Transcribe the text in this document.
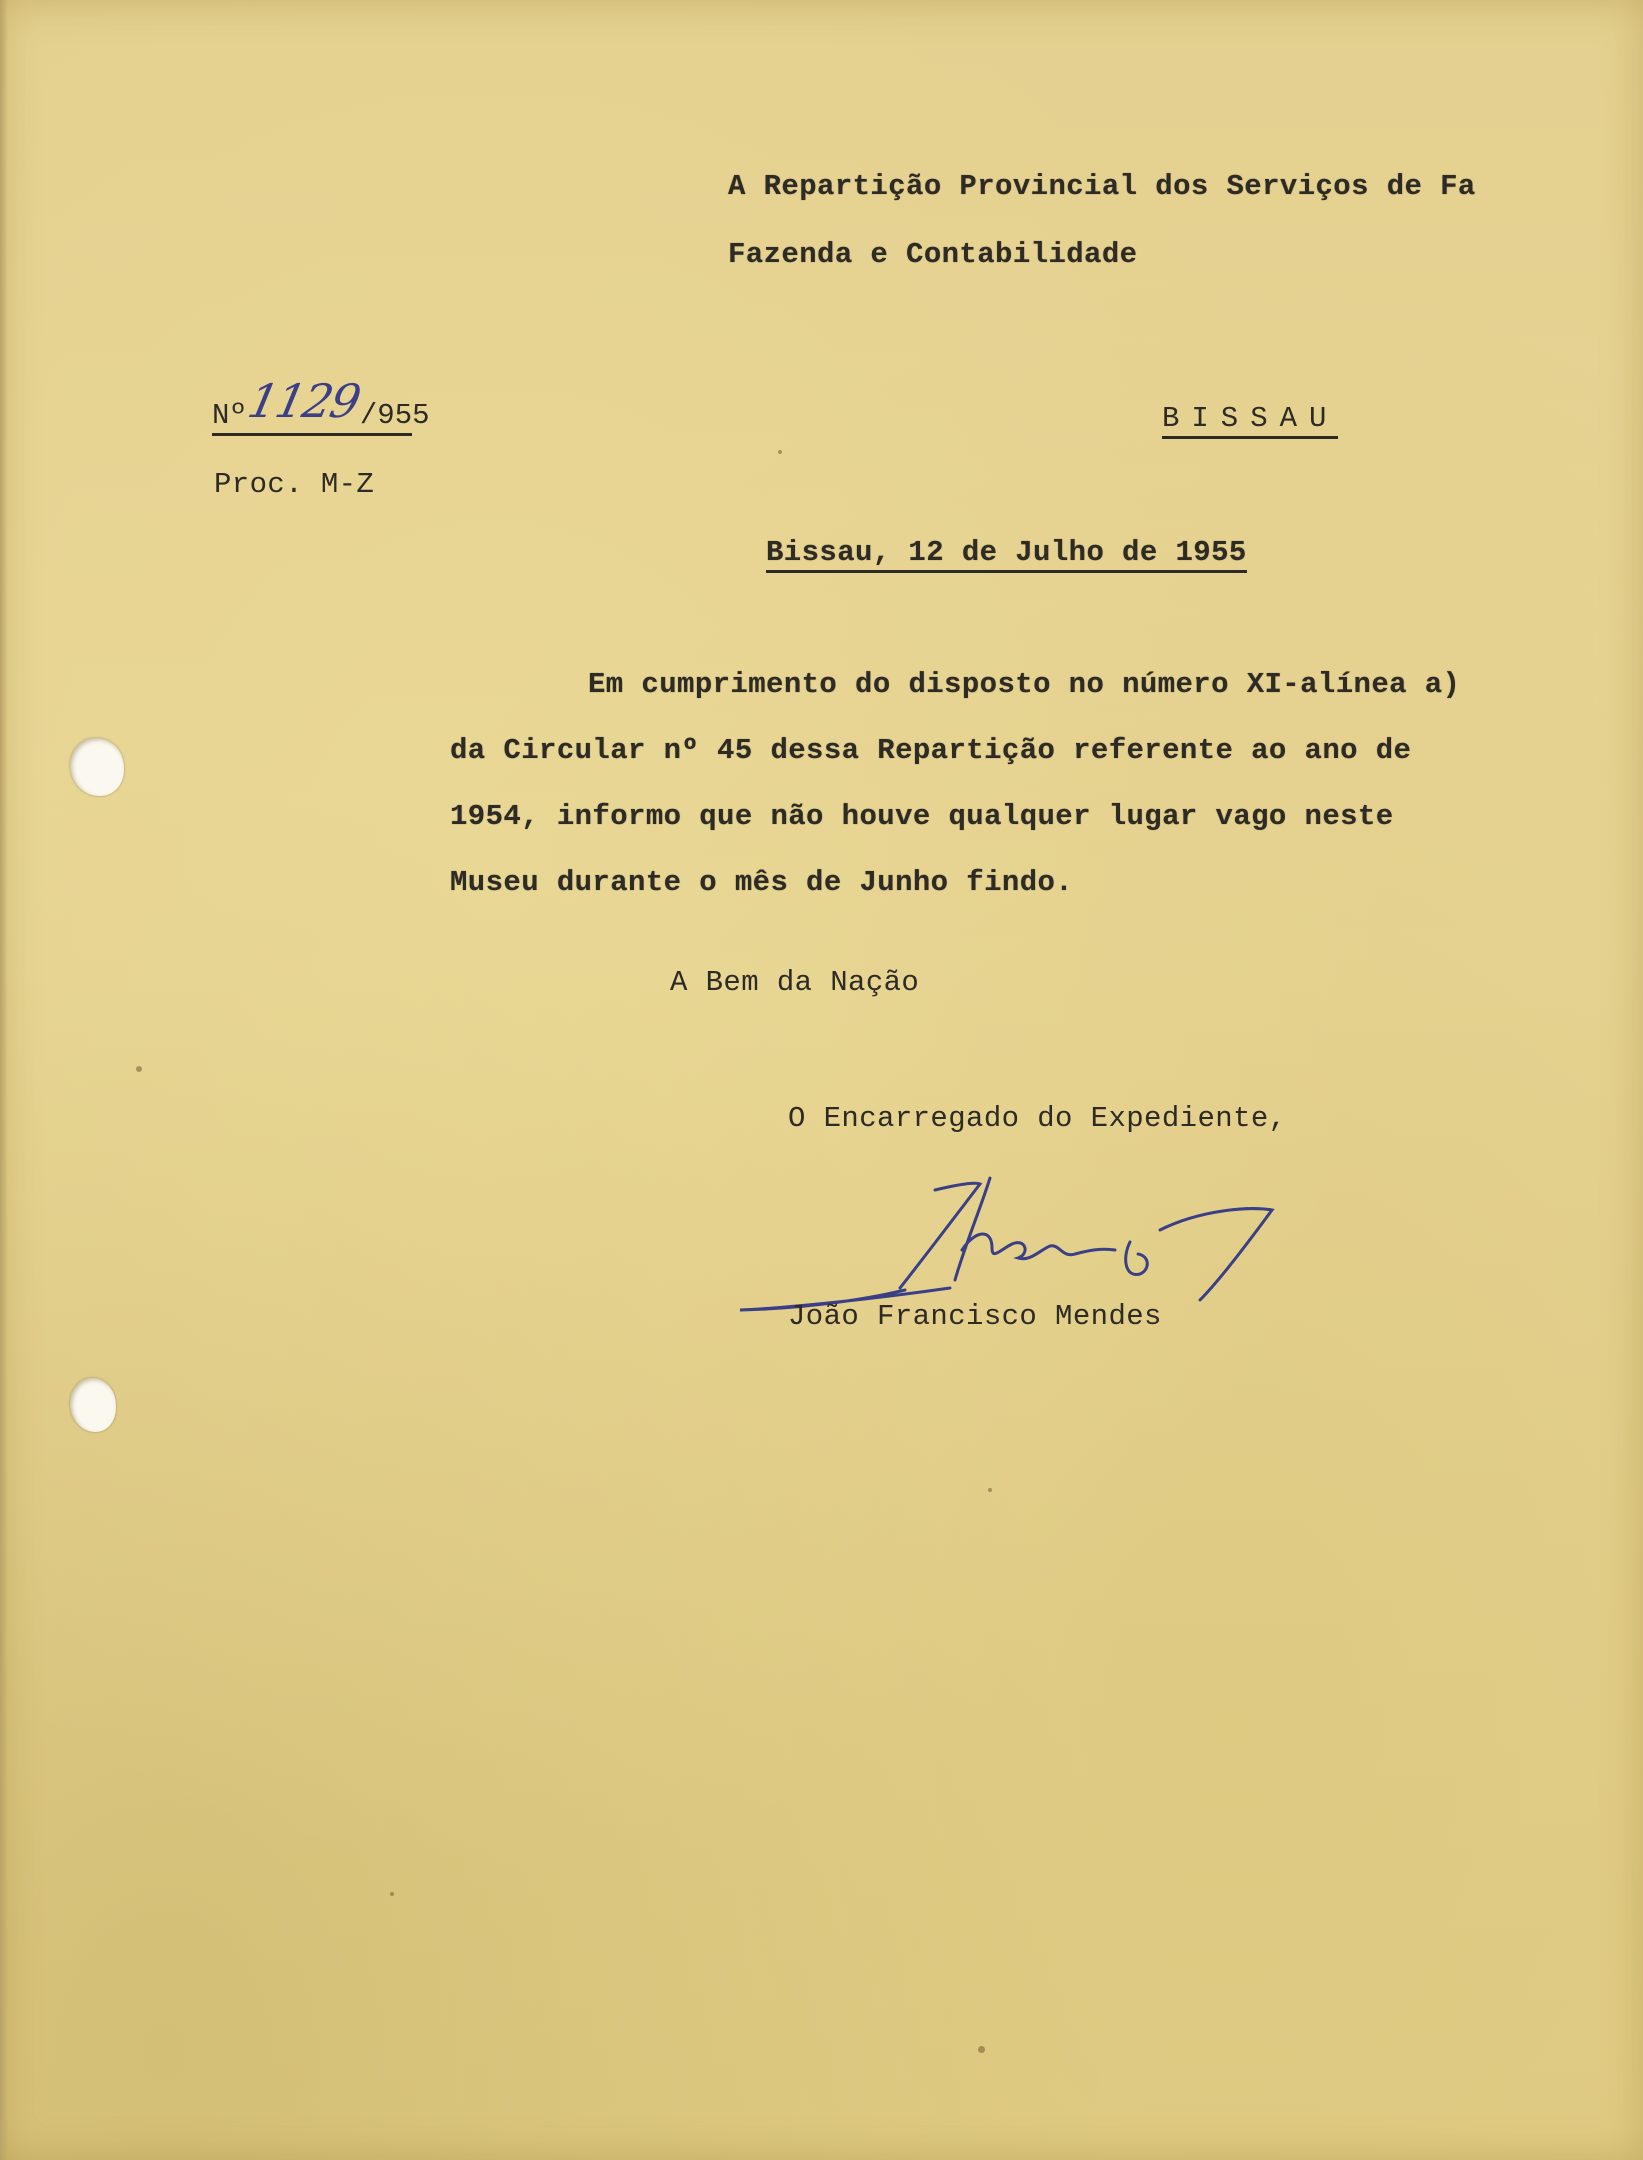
A Repartição Provincial dos Serviços de Fa
Fazenda e Contabilidade
Nº1129/955
Proc. M-Z
BISSAU
Bissau, 12 de Julho de 1955
Em cumprimento do disposto no número XI-alínea a)
da Circular nº 45 dessa Repartição referente ao ano de
1954, informo que não houve qualquer lugar vago neste
Museu durante o mês de Junho findo.
A Bem da Nação
O Encarregado do Expediente,
João Francisco Mendes
